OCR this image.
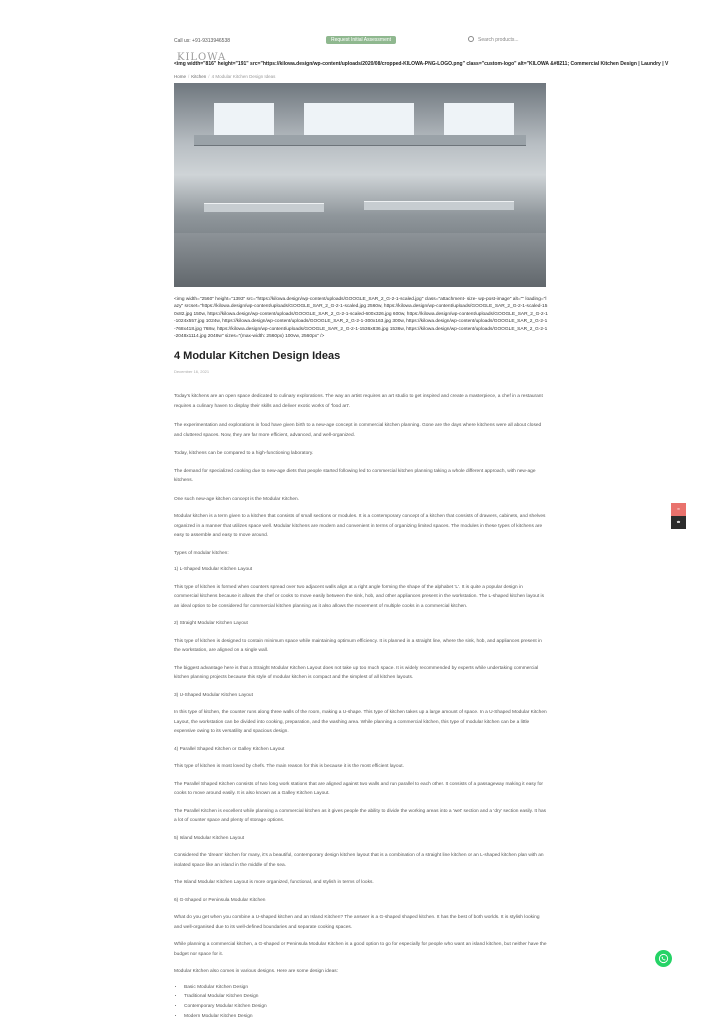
Call us: +91-9313946538	Request Initial Assessment	Search products...
KILOWA
<img width="816" height="191" src="https://kilowa.design/wp-content/uploads/2020/08/cropped-KILOWA-PNG-LOGO.png" class="custom-logo" alt="KILOWA &#8211; Commercial Kitchen Design | Laundry | V
Home / Kitchen / 4 Modular Kitchen Design Ideas
<img width="2560" height="1393" src="https://kilowa.design/wp-content/uploads/GOOGLE_SAR_2_G-2-1-scaled.jpg" class="attachment- size- wp-post-image" alt="" loading="lazy" srcset="https://kilowa.design/wp-content/uploads/GOOGLE_SAR_2_G-2-1-scaled.jpg 2560w, https://kilowa.design/wp-content/uploads/GOOGLE_SAR_2_G-2-1-scaled-150x82.jpg 150w, https://kilowa.design/wp-content/uploads/GOOGLE_SAR_2_G-2-1-scaled-600x326.jpg 600w, https://kilowa.design/wp-content/uploads/GOOGLE_SAR_2_G-2-1-1024x557.jpg 1024w, https://kilowa.design/wp-content/uploads/GOOGLE_SAR_2_G-2-1-300x163.jpg 300w, https://kilowa.design/wp-content/uploads/GOOGLE_SAR_2_G-2-1-768x418.jpg 768w, https://kilowa.design/wp-content/uploads/GOOGLE_SAR_2_G-2-1-1536x836.jpg 1536w, https://kilowa.design/wp-content/uploads/GOOGLE_SAR_2_G-2-1-2048x1114.jpg 2048w" sizes="(max-width: 2560px) 100vw, 2560px" />
4 Modular Kitchen Design Ideas
December 16, 2021

Today's kitchens are an open space dedicated to culinary explorations. The way an artist requires an art studio to get inspired and create a masterpiece, a chef in a restaurant requires a culinary haven to display their skills and deliver exotic works of 'food art'.

The experimentation and explorations in food have given birth to a new-age concept in commercial kitchen planning. Gone are the days where kitchens were all about closed and cluttered spaces. Now, they are far more efficient, advanced, and well-organized.

Today, kitchens can be compared to a high-functioning laboratory.

The demand for specialized cooking due to new-age diets that people started following led to commercial kitchen planning taking a whole different approach, with new-age kitchens.

One such new-age kitchen concept is the Modular Kitchen.

Modular kitchen is a term given to a kitchen that consists of small sections or modules. It is a contemporary concept of a kitchen that consists of drawers, cabinets, and shelves organized in a manner that utilizes space well. Modular kitchens are modern and convenient in terms of organizing limited spaces. The modules in these types of kitchens are easy to assemble and easy to move around.

Types of modular kitchen:

1) L-Shaped Modular Kitchen Layout

This type of kitchen is formed when counters spread over two adjacent walls align at a right angle forming the shape of the alphabet 'L'. It is quite a popular design in commercial kitchens because it allows the chef or cooks to move easily between the sink, hob, and other appliances present in the workstation. The L-shaped kitchen layout is an ideal option to be considered for commercial kitchen planning as it also allows the movement of multiple cooks in a commercial kitchen.

2) Straight Modular Kitchen Layout

This type of kitchen is designed to contain minimum space while maintaining optimum efficiency. It is planned in a straight line, where the sink, hob, and appliances present in the workstation, are aligned on a single wall.

The biggest advantage here is that a Straight Modular Kitchen Layout does not take up too much space. It is widely recommended by experts while undertaking commercial kitchen planning projects because this style of modular kitchen is compact and the simplest of all kitchen layouts.

3) U-Shaped Modular Kitchen Layout

In this type of kitchen, the counter runs along three walls of the room, making a U-shape. This type of kitchen takes up a large amount of space. In a U-Shaped Modular Kitchen Layout, the workstation can be divided into cooking, preparation, and the washing area. While planning a commercial kitchen, this type of modular kitchen can be a little expensive owing to its versatility and spacious design.

4) Parallel Shaped Kitchen or Galley Kitchen Layout

This type of kitchen is most loved by chefs. The main reason for this is because it is the most efficient layout.

The Parallel Shaped Kitchen consists of two long work stations that are aligned against two walls and run parallel to each other. It consists of a passageway making it easy for cooks to move around easily. It is also known as a Galley Kitchen Layout.

The Parallel Kitchen is excellent while planning a commercial kitchen as it gives people the ability to divide the working areas into a 'wet' section and a 'dry' section easily. It has a lot of counter space and plenty of storage options.

5) Island Modular Kitchen Layout

Considered the 'dream' kitchen for many, it's a beautiful, contemporary design kitchen layout that is a combination of a straight line kitchen or an L-shaped kitchen plan with an isolated space like an island in the middle of the sea.

The Island Modular Kitchen Layout is more organized, functional, and stylish in terms of looks.

6) G-Shaped or Peninsula Modular Kitchen

What do you get when you combine a U-shaped kitchen and an Island Kitchen? The answer is a G-shaped shaped kitchen. It has the best of both worlds. It is stylish looking and well-organised due to its well-defined boundaries and separate cooking spaces.

While planning a commercial kitchen, a G-shaped or Peninsula Modular Kitchen is a good option to go for especially for people who want an island kitchen, but neither have the budget nor space for it.

Modular Kitchen also comes in various designs. Here are some design ideas:

• Basic Modular Kitchen Design
• Traditional Modular Kitchen Design
• Contemporary Modular Kitchen Design
• Modern Modular Kitchen Design
✉
☎
